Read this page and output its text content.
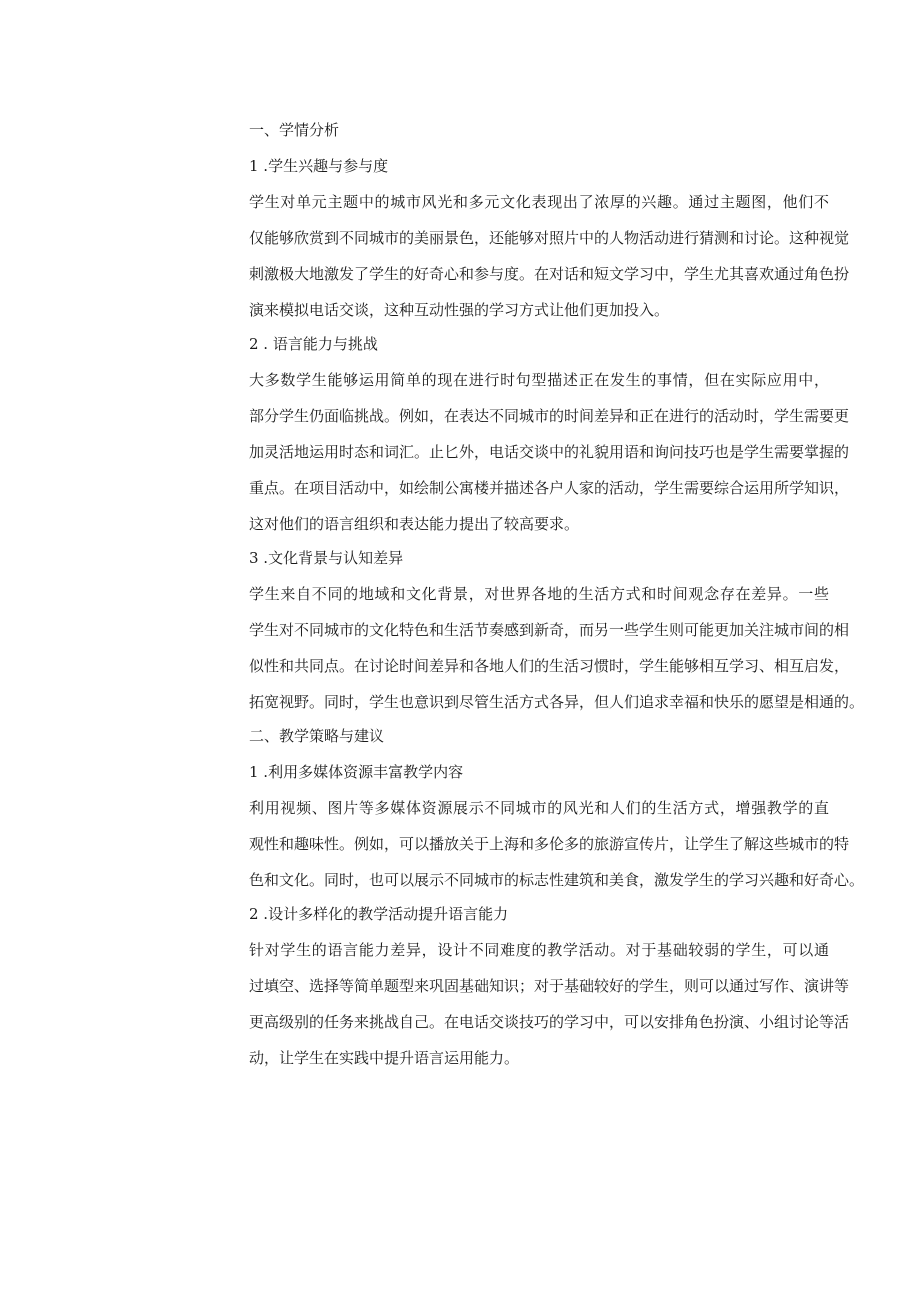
一、学情分析
1 .学生兴趣与参与度
学生对单元主题中的城市风光和多元文化表现出了浓厚的兴趣。通过主题图，他们不
仅能够欣赏到不同城市的美丽景色，还能够对照片中的人物活动进行猜测和讨论。这种视觉
刺激极大地激发了学生的好奇心和参与度。在对话和短文学习中，学生尤其喜欢通过角色扮
演来模拟电话交谈，这种互动性强的学习方式让他们更加投入。
2 . 语言能力与挑战
大多数学生能够运用简单的现在进行时句型描述正在发生的事情，但在实际应用中，
部分学生仍面临挑战。例如，在表达不同城市的时间差异和正在进行的活动时，学生需要更
加灵活地运用时态和词汇。止匕外，电话交谈中的礼貌用语和询问技巧也是学生需要掌握的
重点。在项目活动中，如绘制公寓楼并描述各户人家的活动，学生需要综合运用所学知识，
这对他们的语言组织和表达能力提出了较高要求。
3 .文化背景与认知差异
学生来自不同的地域和文化背景，对世界各地的生活方式和时间观念存在差异。一些
学生对不同城市的文化特色和生活节奏感到新奇，而另一些学生则可能更加关注城市间的相
似性和共同点。在讨论时间差异和各地人们的生活习惯时，学生能够相互学习、相互启发，
拓宽视野。同时，学生也意识到尽管生活方式各异，但人们追求幸福和快乐的愿望是相通的。
二、教学策略与建议
1 .利用多媒体资源丰富教学内容
利用视频、图片等多媒体资源展示不同城市的风光和人们的生活方式，增强教学的直
观性和趣味性。例如，可以播放关于上海和多伦多的旅游宣传片，让学生了解这些城市的特
色和文化。同时，也可以展示不同城市的标志性建筑和美食，激发学生的学习兴趣和好奇心。
2 .设计多样化的教学活动提升语言能力
针对学生的语言能力差异，设计不同难度的教学活动。对于基础较弱的学生，可以通
过填空、选择等简单题型来巩固基础知识；对于基础较好的学生，则可以通过写作、演讲等
更高级别的任务来挑战自己。在电话交谈技巧的学习中，可以安排角色扮演、小组讨论等活
动，让学生在实践中提升语言运用能力。
